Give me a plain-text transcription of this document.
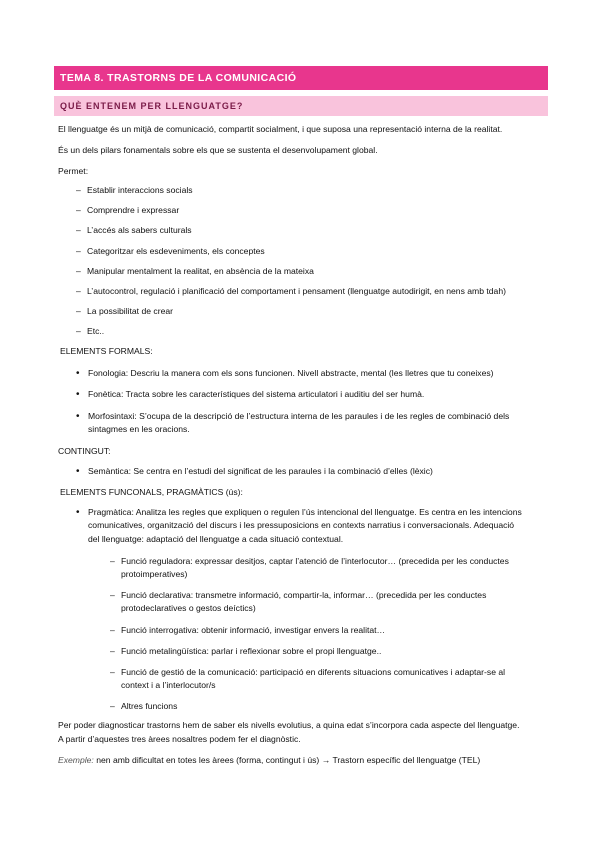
TEMA 8. TRASTORNS DE LA COMUNICACIÓ
QUÈ ENTENEM PER LLENGUATGE?
El llenguatge és un mitjà de comunicació, compartit socialment, i que suposa una representació interna de la realitat.
És un dels pilars fonamentals sobre els que se sustenta el desenvolupament global.
Permet:
– Establir interaccions socials
– Comprendre i expressar
– L’accés als sabers culturals
– Categoritzar els esdeveniments, els conceptes
– Manipular mentalment la realitat, en absència de la mateixa
– L’autocontrol, regulació i planificació del comportament i pensament (llenguatge autodirigit, en nens amb tdah)
– La possibilitat de crear
– Etc..
ELEMENTS FORMALS:
• Fonologia: Descriu la manera com els sons funcionen. Nivell abstracte, mental (les lletres que tu coneixes)
• Fonètica: Tracta sobre les característiques del sistema articulatori i auditiu del ser humà.
• Morfosintaxi: S’ocupa de la descripció de l’estructura interna de les paraules i de les regles de combinació dels
sintagmes en les oracions.
CONTINGUT:
• Semàntica: Se centra en l’estudi del significat de les paraules i la combinació d’elles (lèxic)
ELEMENTS FUNCONALS, PRAGMÀTICS (ús):
• Pragmàtica: Analitza les regles que expliquen o regulen l’ús intencional del llenguatge. Es centra en les intencions
comunicatives, organització del discurs i les pressuposicions en contexts narratius i conversacionals. Adequació
del llenguatge: adaptació del llenguatge a cada situació contextual.
– Funció reguladora: expressar desitjos, captar l’atenció de l’interlocutor… (precedida per les conductes
protoimperatives)
– Funció declarativa: transmetre informació, compartir-la, informar… (precedida per les conductes
protodeclaratives o gestos deíctics)
– Funció interrogativa: obtenir informació, investigar envers la realitat…
– Funció metalingüística: parlar i reflexionar sobre el propi llenguatge..
– Funció de gestió de la comunicació: participació en diferents situacions comunicatives i adaptar-se al
context i a l’interlocutor/s
– Altres funcions
Per poder diagnosticar trastorns hem de saber els nivells evolutius, a quina edat s’incorpora cada aspecte del llenguatge.
A partir d’aquestes tres àrees nosaltres podem fer el diagnòstic.
Exemple: nen amb dificultat en totes les àrees (forma, contingut i ús) → Trastorn específic del llenguatge (TEL)
